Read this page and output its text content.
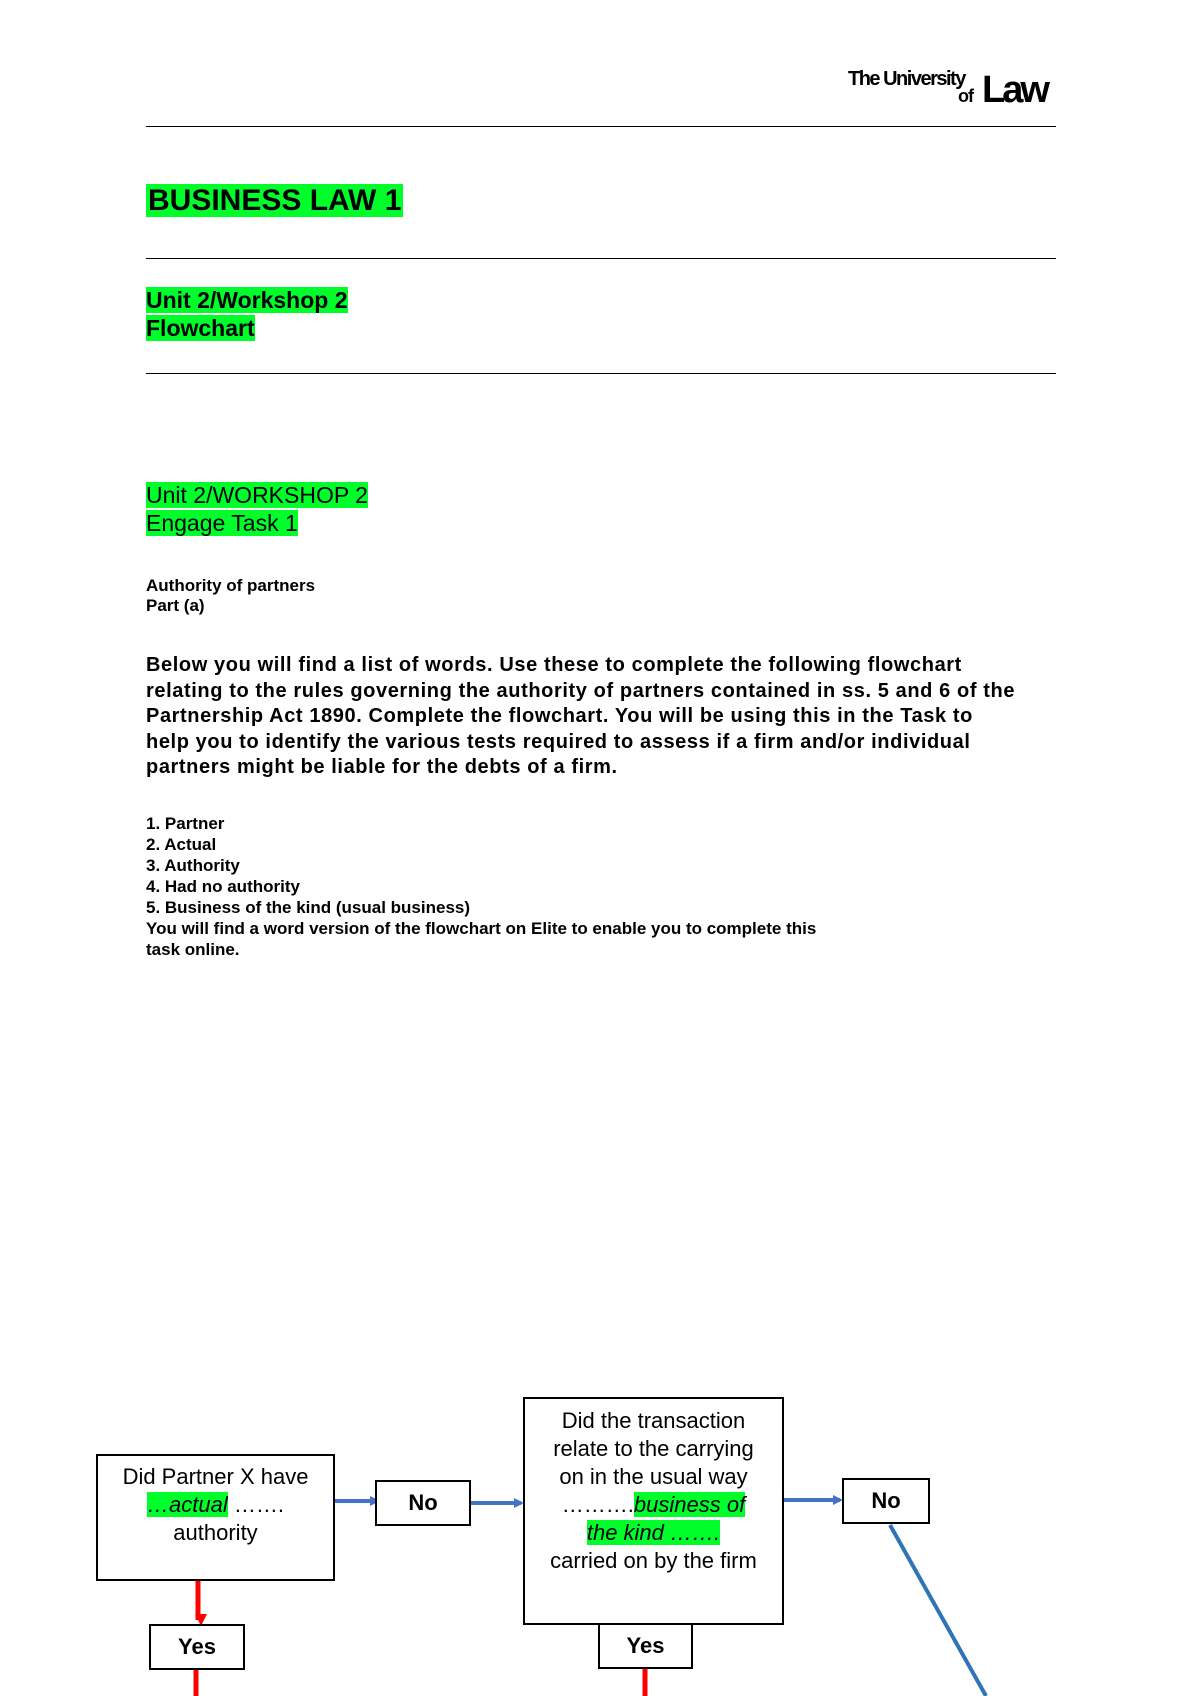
The University
of Law
BUSINESS LAW 1
Unit 2/Workshop 2
Flowchart
Unit 2/WORKSHOP 2
Engage Task 1
Authority of partners
Part (a)
Below you will find a list of words. Use these to complete the following flowchart
relating to the rules governing the authority of partners contained in ss. 5 and 6 of the
Partnership Act 1890. Complete the flowchart. You will be using this in the Task to
help you to identify the various tests required to assess if a firm and/or individual
partners might be liable for the debts of a firm.
1. Partner
2. Actual
3. Authority
4. Had no authority
5. Business of the kind (usual business)
You will find a word version of the flowchart on Elite to enable you to complete this
task online.
Did Partner X have
…actual …….
authority
No
Did the transaction
relate to the carrying
on in the usual way
……….business of
the kind …….
carried on by the firm
No
Yes	Yes
